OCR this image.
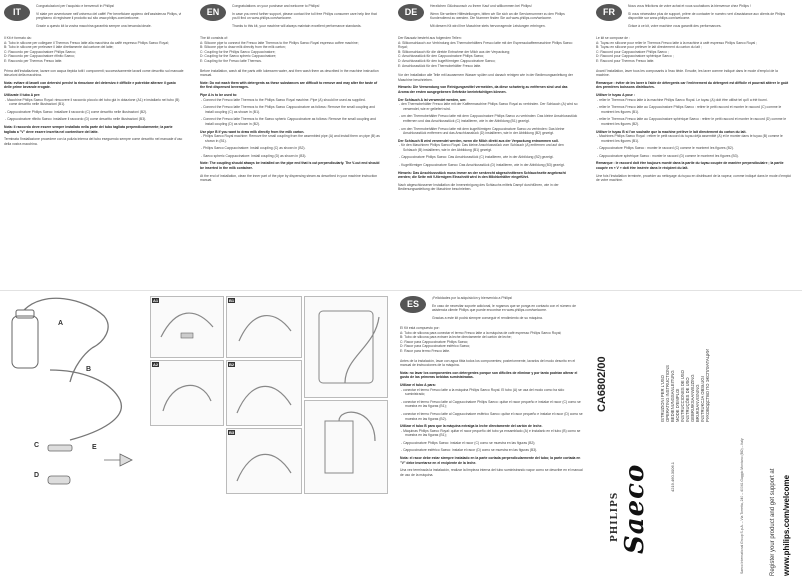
IT

Congratulazioni per l'acquisto e benvenuti in Philips!

Vi state per avventurare nell'universo del caffè! Per beneficiare appieno dell'assistenza Philips, vi preghiamo di registrare il prodotto sul sito www.philips.com/welcome.

Grazie a questo kit la vostra macchina garantirà sempre una bevanda ideale.

Il Kit è formato da:

A: Tubo in silicone per collegare il Thermos Fresco latte alla macchina da caffè espresso Philips Saeco Royal;

B: Tubo in silicone per prelevare il latte direttamente dal cartone del latte;

C: Raccordo per Cappuccinatore Philips Saeco;

D: Raccordo per Cappuccinatore rifinito Saeco;

E: Raccordo per Thermos Fresco latte.

Prima dell'installazione, lavare con acqua tiepida tutti i componenti; successivamente lavarli come descritto sul manuale istruzioni della macchina.

Nota: evitare di lavarli con detersivi perché la rimozione del detersivo è difficile e potrebbe alterare il gusto delle prime bevande erogate.

Utilizzate il tubo A per:

- Macchine Philips Saeco Royal: rimuovere il raccordo piccolo del tubo già in dotazione (A1) e installarlo nel tubo (B) come descritto nelle illustrazioni (B1).

- Cappuccinatore Philips Saeco: installare il raccordo (C) come descritto nelle illustrazioni (B2).

- Cappuccinatore rifinito Saeco: installare il raccordo (D) come descritto nelle illustrazioni (B3).

Nota: il raccordo deve essere sempre installato nella parte del tubo tagliata perpendicolarmente; la parte tagliata a "V" deve essere inserita nel contenitore del latte.

Terminata l'installazione procedere con la pulizia interna del tubo eseguendo sempre come descritto nel manuale d'uso della vostra macchina.

EN

Congratulations on your purchase and welcome to Philips!

In case you need further support, please contact the toll free Philips consumer care help line that you'll find on www.philips.com/welcome.

Thanks to this kit, your machine will always maintain excellent performance standards.

The kit consists of:

A: Silicone pipe to connect the Fresco latte Thermos to the Philips Saeco Royal espresso coffee machine;

B: Silicone pipe to draw milk directly from the milk carton;

C: Coupling for the Philips Saeco Cappuccinatore;

D: Coupling for the Saeco spheric Cappuccinatore;

E: Coupling for the Fresco latte Thermos.

Before installation, wash all the parts with lukewarm water, and then wash them as described in the machine instruction manual.

Note: Do not wash them with detergents as these substances are difficult to remove and may alter the taste of the first dispensed beverages.

Pipe A is to be used to:

- Connect the Fresco latte Thermos to the Philips Saeco Royal machine. Pipe (A) should be used as supplied.

- Connect the Fresco latte Thermos to the Philips Saeco Cappuccinatore as follows: Remove the small coupling and install coupling (C) as shown in (B1).

- Connect the Fresco latte Thermos to the Saeco spheric Cappuccinatore as follows: Remove the small coupling and install coupling (D) as shown in (B2).

Use pipe B if you want to draw milk directly from the milk carton.

- Philips Saeco Royal machine: Remove the small coupling from the assembled pipe (A) and install them on pipe (B) as shown in (B1).

- Philips Saeco Cappuccinatore: Install coupling (C) as shown in (B2).

- Saeco spheric Cappuccinatore: Install coupling (D) as shown in (B3).

Note: The coupling should always be installed on the pipe end that is cut perpendicularly. The V-cut end should be inserted in the milk container.

At the end of installation, clean the inner part of the pipe by dispensing steam as described in your machine instruction manual.

DE

Herzlichen Glückwunsch zu Ihrem Kauf und willkommen bei Philips!

Wenn Sie weitere Hilfestellungen, bitten wir Sie sich an die Servicenummer zu den Philips Kundendienst zu wenden. Die Nummer finden Sie auf www.philips.com/welcome.

Mit diesem Kit wird Ihre Maschine stets hervorragende Leistungen erbringen.

Der Bausatz besteht aus folgenden Teilen:

A: Silikonschlauch zur Verbindung des Thermobehälters Fresco latte mit der Espressokaffeemaschine Philips Saeco Royal;

B: Silikonschlauch für die direkte Entnahme der Milch aus der Verpackung;

C: Anschlussstück für den Cappuccinatore Philips Saeco;

D: Anschlussstück für den kugelförmigen Cappuccinatore Saeco;

E: Anschlussstück für den Thermobehälter Fresco latte.

Vor der Installation alle Teile mit lauwarmem Wasser spülen und danach reinigen wie in der Bedienungsanleitung der Maschine beschrieben.

Hinweis: Die Verwendung von Reinigungsmittel vermeiden, da diese schwierig zu entfernen sind und das Aroma der ersten ausgegebenen Getränke beeinträchtigen können.

Der Schlauch A ist verwendet werden, um:

- den Thermobehälter Fresco latte mit der Kaffeemaschine Philips Saeco Royal zu verbinden. Der Schlauch (A) wird so verwendet, wie er geliefert wird.

- um den Thermobehälter Fresco latte mit dem Cappuccinatore Philips Saeco zu verbinden: Das kleine Anschlussstück entfernen und das Anschlussstück (C) installieren, wie in der Abbildung (B1) gezeigt.

- um den Thermobehälter Fresco latte mit dem kugelförmigen Cappuccinatore Saeco zu verbinden: Das kleine Anschlussstück entfernen und das Anschlussstück (D) installieren, wie in der Abbildung (B2) gezeigt.

Der Schlauch B wird verwendet werden, wenn die Milch direkt aus der Verpackung entnommen soll.

- für den Maschinen Philips Saeco Royal: Das kleine Anschlussstück vom Schlauch (A) entfernen und auf den Schlauch (B) installieren, wie in der Abbildung (B1) gezeigt.

- Cappuccinatore Philips Saeco: Das Anschlussstück (C) installieren, wie in der Abbildung (B2) gezeigt.

- Kugelförmiger Cappuccinatore Saeco: Das Anschlussstück (D) installieren, wie in der Abbildung (B3) gezeigt.

Hinweis: Das Anschlussstück muss immer an der senkrecht abgeschnittenen Schlauchseite angebracht werden; die Seite mit V-förmigem Einschnitt wird in den Milchbehälter eingeführt.

Nach abgeschlossener Installation die Innenreinigung des Schlauchs mittels Dampf durchführen, wie in der Bedienungsanleitung der Maschine beschrieben.

FR

Nous vous félicitons de votre achat et vous souhaitons la bienvenue chez Philips !

Si vous nécessitez plus de support, prière de contacter le numéro vert d'assistance aux clients de Philips disponible sur www.philips.com/welcome.

Grâce à ce kit, votre machine vous garantit des performances.

Le kit se compose de :

A: Tuyau en silicone pour relier le Thermos Fresco latte à la machine à café espresso Philips Saeco Royal ;

B: Tuyau en silicone pour prélever le lait directement du carton du lait ;

C: Raccord pour Cappuccinatore Philips Saeco ;

D: Raccord pour Cappuccinatore sphérique Saeco ;

E: Raccord pour Thermos Fresco latte.

Avant l'installation, laver tous les composants à l'eau tiède. Ensuite, les laver comme indiqué dans le mode d'emploi de la machine.

Remarque : éviter de les laver à l'aide de détergents car l'enlèvement du détergent est difficile et pourrait altérer le goût des premières boissons distribuées.

Utiliser le tuyau A pour :

- relier le Thermos Fresco latte à la machine Philips Saeco Royal. Le tuyau (A) doit être utilisé tel qu'il a été fourni.

- relier le Thermos Fresco latte au Cappuccinatore Philips Saeco : retirer le petit raccord et monter le raccord (C) comme le montrent les figures (B1).

- relier le Thermos Fresco latte au Cappuccinatore sphérique Saeco : retirer le petit raccord et monter le raccord (D) comme le montrent les figures (B2).

Utiliser le tuyau B si l'on souhaite que la machine prélève le lait directement du carton du lait.

- Machines Philips Saeco Royal : retirer le petit raccord du tuyau déjà assemblé (A) et le monter dans le tuyau (B) comme le montrent les figures (B1).

- Cappuccinatore Philips Saeco : monter le raccord (C) comme le montrent les figures (B2).

- Cappuccinatore sphérique Saeco : monter le raccord (D) comme le montrent les figures (B3).

Remarque : le raccord doit être toujours monté dans la partie du tuyau coupée de manière perpendiculaire ; la partie coupée en « V » doit être insérée dans le récipient du lait.

Une fois l'installation terminée, procéder au nettoyage du tuyau en distribuant de la vapeur, comme indiqué dans le mode d'emploi de votre machine.

A
B
C
D
E
A1
A2
B1
B2
B3
ES

¡Felicidades por la adquisición y bienvenido a Philips!

En caso de necesitar soporte adicional, le rogamos que se ponga en contacto con el número de asistencia cliente Philips que puede encontrar en www.philips.com/welcome.

Gracias a este kit podrá siempre conseguir el rendimiento de su máquina.

El Kit está compuesto por:

A: Tubo de silicona para conectar el termo Fresco latte a la máquina de café espresso Philips Saeco Royal;

B: Tubo de silicona para extraer la leche directamente del cartón de leche;

C: Racor para Cappuccinatore Philips Saeco;

D: Racor para Cappuccinatore esférico Saeco;

E: Racor para termo Fresco latte.

Antes de la instalación, lavar con agua tibia todos los componentes; posteriormente, lavarlos del modo descrito en el manual de instrucciones de la máquina.

Nota: no lavar los componentes con detergentes porque son difíciles de eliminar y por tanto podrían alterar el gusto de las primeras bebidas suministradas.

Utilizar el tubo A para:

- conectar el termo Fresco latte a la máquina Philips Saeco Royal. El tubo (A) se usa del modo como ha sido suministrado;

- conectar el termo Fresco latte al Cappuccinatore Philips Saeco: quitar el racor pequeño e instalar el racor (C) como se muestra en las figuras (B1);

- conectar el termo Fresco latte al Cappuccinatore esférico Saeco: quitar el racor pequeño e instalar el racor (D) como se muestra en las figuras (B2).

Utilizar el tubo B para que la máquina extraiga la leche directamente del cartón de leche.

- Máquinas Philips Saeco Royal: quitar el racor pequeño del tubo ya ensamblado (A) e instalarlo en el tubo (B) como se muestra en las figuras (B1);

- Cappuccinatore Philips Saeco: instalar el racor (C) como se muestra en las figuras (B2);

- Cappuccinatore esférico Saeco: instalar el racor (D) como se muestra en las figuras (B3).

Nota: el racor debe estar siempre instalado en la parte cortada perpendicularmente del tubo; la parte cortada en "V" debe insertarse en el recipiente de la leche.

Una vez terminada la instalación, realizar la limpieza interna del tubo suministrando vapor como se describe en el manual de uso de la máquina.

PHILIPS Saeco
CA6802/00
4219.460.3006.1
ISTRUZIONI PER L'USO OPERATING INSTRUCTIONS BEDIENUNGSANLEITUNG MODE D'EMPLOI INSTRUCCIONES DE USO INSTRUÇÕES DE USO GEBRUIKSAANWIJZING BRUKSANVISNING INSTRUKCJA OBSŁUGI РУКОВОДСТВО ПО ЭКСПЛУАТАЦИИ
Saeco International Group S.p.A. – Via Torretta, 240 – 40041 Gaggio Montano (BO) – Italy	Register your product and get support at www.philips.com/welcome
